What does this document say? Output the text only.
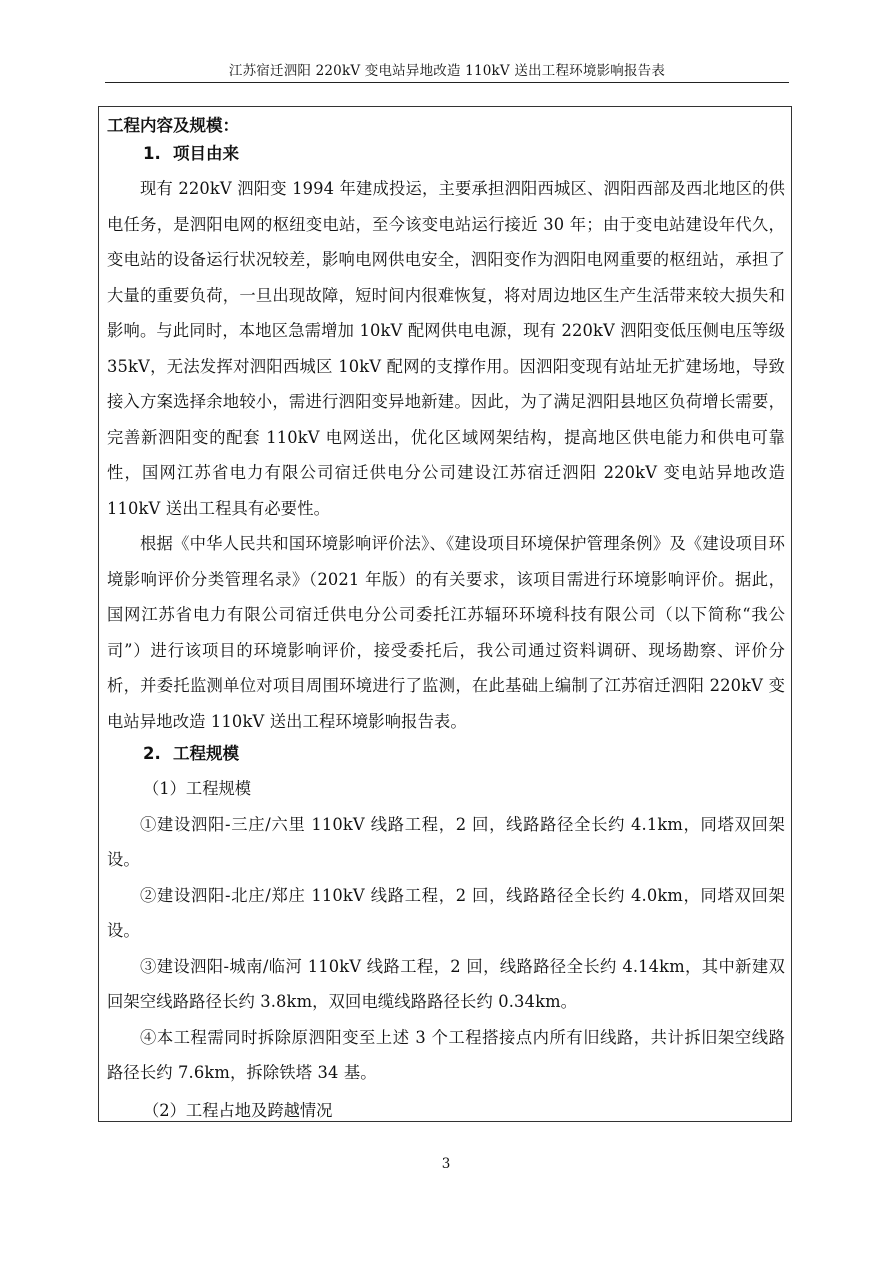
江苏宿迁泗阳 220kV 变电站异地改造 110kV 送出工程环境影响报告表

工程内容及规模：

1. 项目由来

现有 220kV 泗阳变 1994 年建成投运，主要承担泗阳西城区、泗阳西部及西北地区的供电任务，是泗阳电网的枢纽变电站，至今该变电站运行接近 30 年；由于变电站建设年代久，变电站的设备运行状况较差，影响电网供电安全，泗阳变作为泗阳电网重要的枢纽站，承担了大量的重要负荷，一旦出现故障，短时间内很难恢复，将对周边地区生产生活带来较大损失和影响。与此同时，本地区急需增加 10kV 配网供电电源，现有 220kV 泗阳变低压侧电压等级 35kV，无法发挥对泗阳西城区 10kV 配网的支撑作用。因泗阳变现有站址无扩建场地，导致接入方案选择余地较小，需进行泗阳变异地新建。因此，为了满足泗阳县地区负荷增长需要，完善新泗阳变的配套 110kV 电网送出，优化区域网架结构，提高地区供电能力和供电可靠性，国网江苏省电力有限公司宿迁供电分公司建设江苏宿迁泗阳 220kV 变电站异地改造 110kV 送出工程具有必要性。

根据《中华人民共和国环境影响评价法》、《建设项目环境保护管理条例》及《建设项目环境影响评价分类管理名录》（2021 年版）的有关要求，该项目需进行环境影响评价。据此，国网江苏省电力有限公司宿迁供电分公司委托江苏辐环环境科技有限公司（以下简称“我公司”）进行该项目的环境影响评价，接受委托后，我公司通过资料调研、现场勘察、评价分析，并委托监测单位对项目周围环境进行了监测，在此基础上编制了江苏宿迁泗阳 220kV 变电站异地改造 110kV 送出工程环境影响报告表。

2. 工程规模

（1）工程规模

①建设泗阳-三庄/六里 110kV 线路工程，2 回，线路路径全长约 4.1km，同塔双回架设。

②建设泗阳-北庄/郑庄 110kV 线路工程，2 回，线路路径全长约 4.0km，同塔双回架设。

③建设泗阳-城南/临河 110kV 线路工程，2 回，线路路径全长约 4.14km，其中新建双回架空线路路径长约 3.8km，双回电缆线路路径长约 0.34km。

④本工程需同时拆除原泗阳变至上述 3 个工程搭接点内所有旧线路，共计拆旧架空线路路径长约 7.6km，拆除铁塔 34 基。

（2）工程占地及跨越情况

3
